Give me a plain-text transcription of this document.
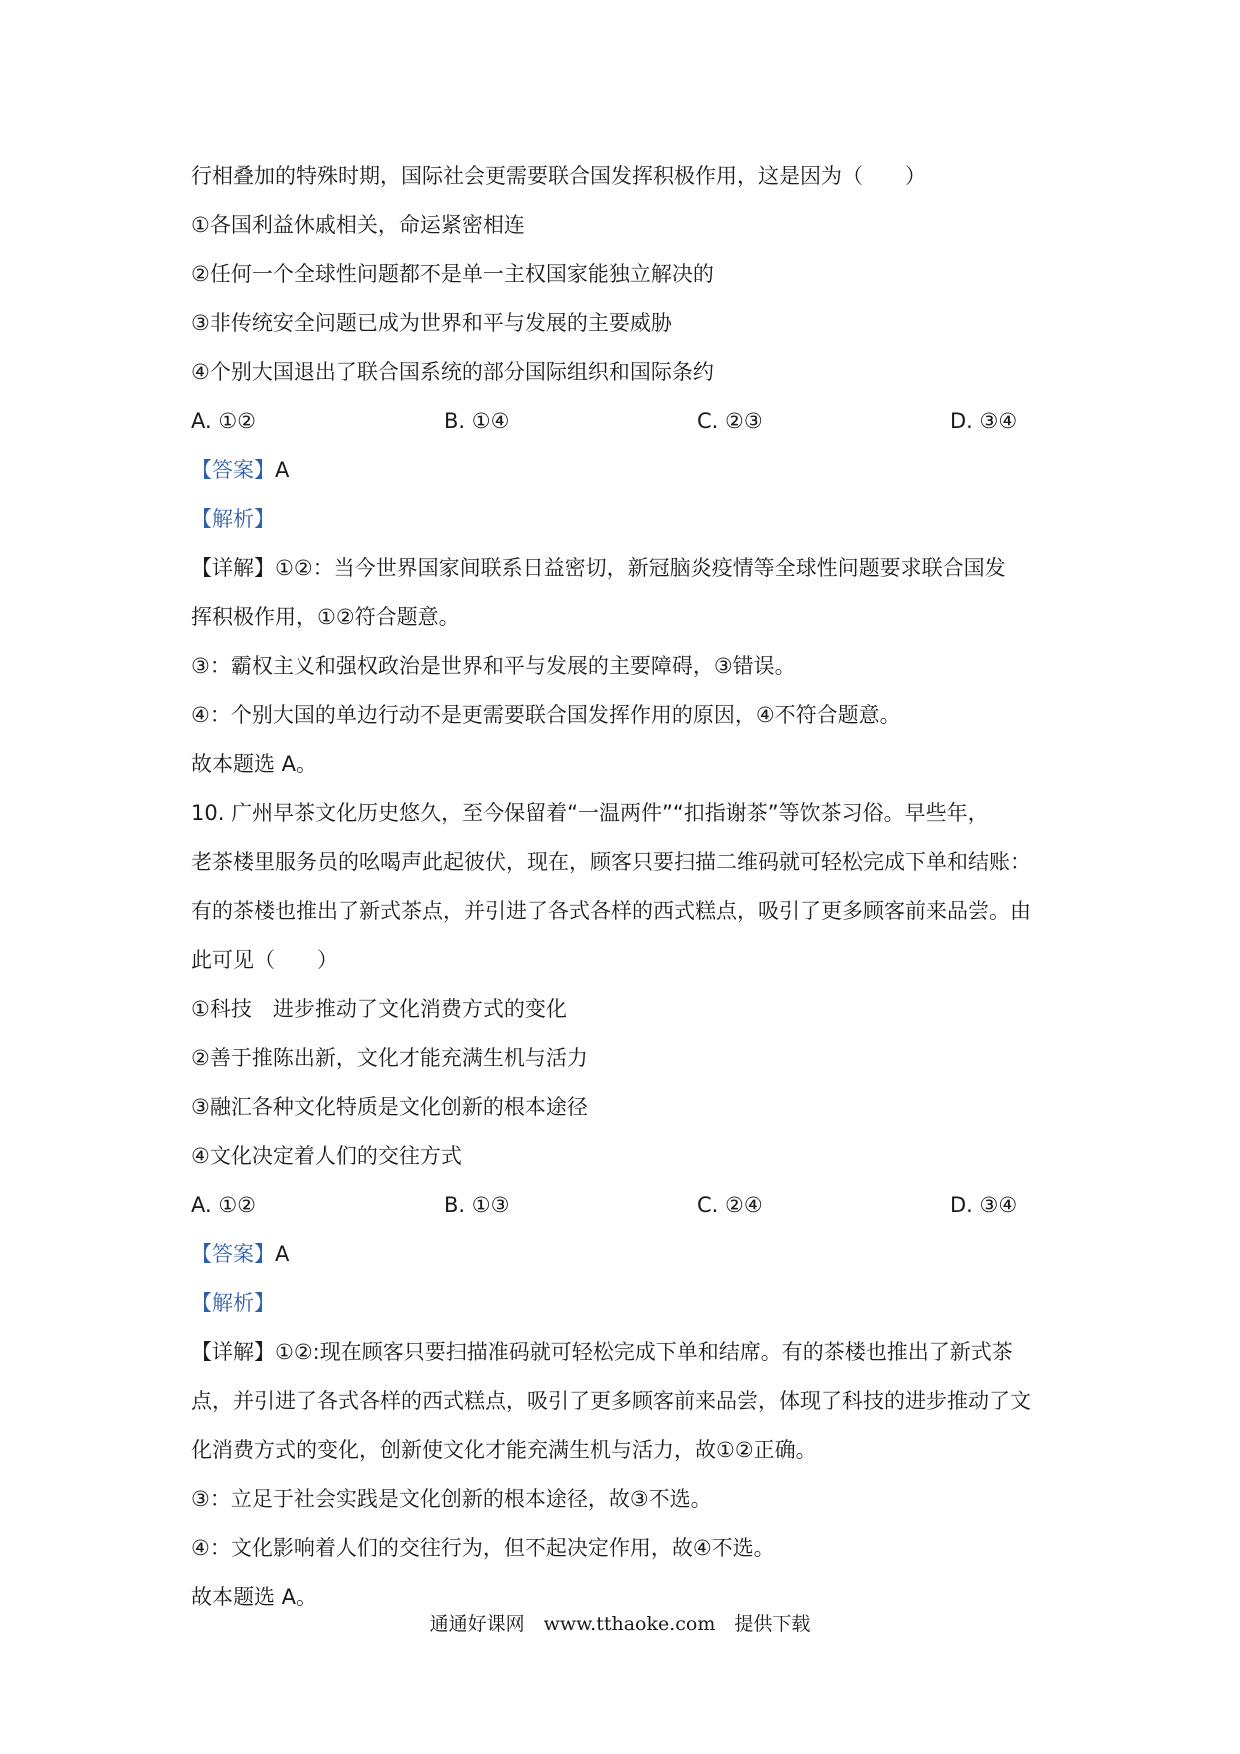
行相叠加的特殊时期，国际社会更需要联合国发挥积极作用，这是因为（　　）
①各国利益休戚相关，命运紧密相连
②任何一个全球性问题都不是单一主权国家能独立解决的
③非传统安全问题已成为世界和平与发展的主要威胁
④个别大国退出了联合国系统的部分国际组织和国际条约
A. ①②	B. ①④	C. ②③	D. ③④
【答案】A
【解析】
【详解】①②：当今世界国家间联系日益密切，新冠脑炎疫情等全球性问题要求联合国发
挥积极作用，①②符合题意。
③：霸权主义和强权政治是世界和平与发展的主要障碍，③错误。
④：个别大国的单边行动不是更需要联合国发挥作用的原因，④不符合题意。
故本题选 A。
10. 广州早茶文化历史悠久，至今保留着“一温两件”“扣指谢茶”等饮茶习俗。早些年，
老茶楼里服务员的吆喝声此起彼伏，现在，顾客只要扫描二维码就可轻松完成下单和结账：
有的茶楼也推出了新式茶点，并引进了各式各样的西式糕点，吸引了更多顾客前来品尝。由
此可见（　　）
①科技　进步推动了文化消费方式的变化
②善于推陈出新，文化才能充满生机与活力
③融汇各种文化特质是文化创新的根本途径
④文化决定着人们的交往方式
A. ①②	B. ①③	C. ②④	D. ③④
【答案】A
【解析】
【详解】①②:现在顾客只要扫描准码就可轻松完成下单和结席。有的茶楼也推出了新式茶
点，并引进了各式各样的西式糕点，吸引了更多顾客前来品尝，体现了科技的进步推动了文
化消费方式的变化，创新使文化才能充满生机与活力，故①②正确。
③：立足于社会实践是文化创新的根本途径，故③不选。
④：文化影响着人们的交往行为，但不起决定作用，故④不选。
故本题选 A。
通通好课网　www.tthaoke.com　提供下载
